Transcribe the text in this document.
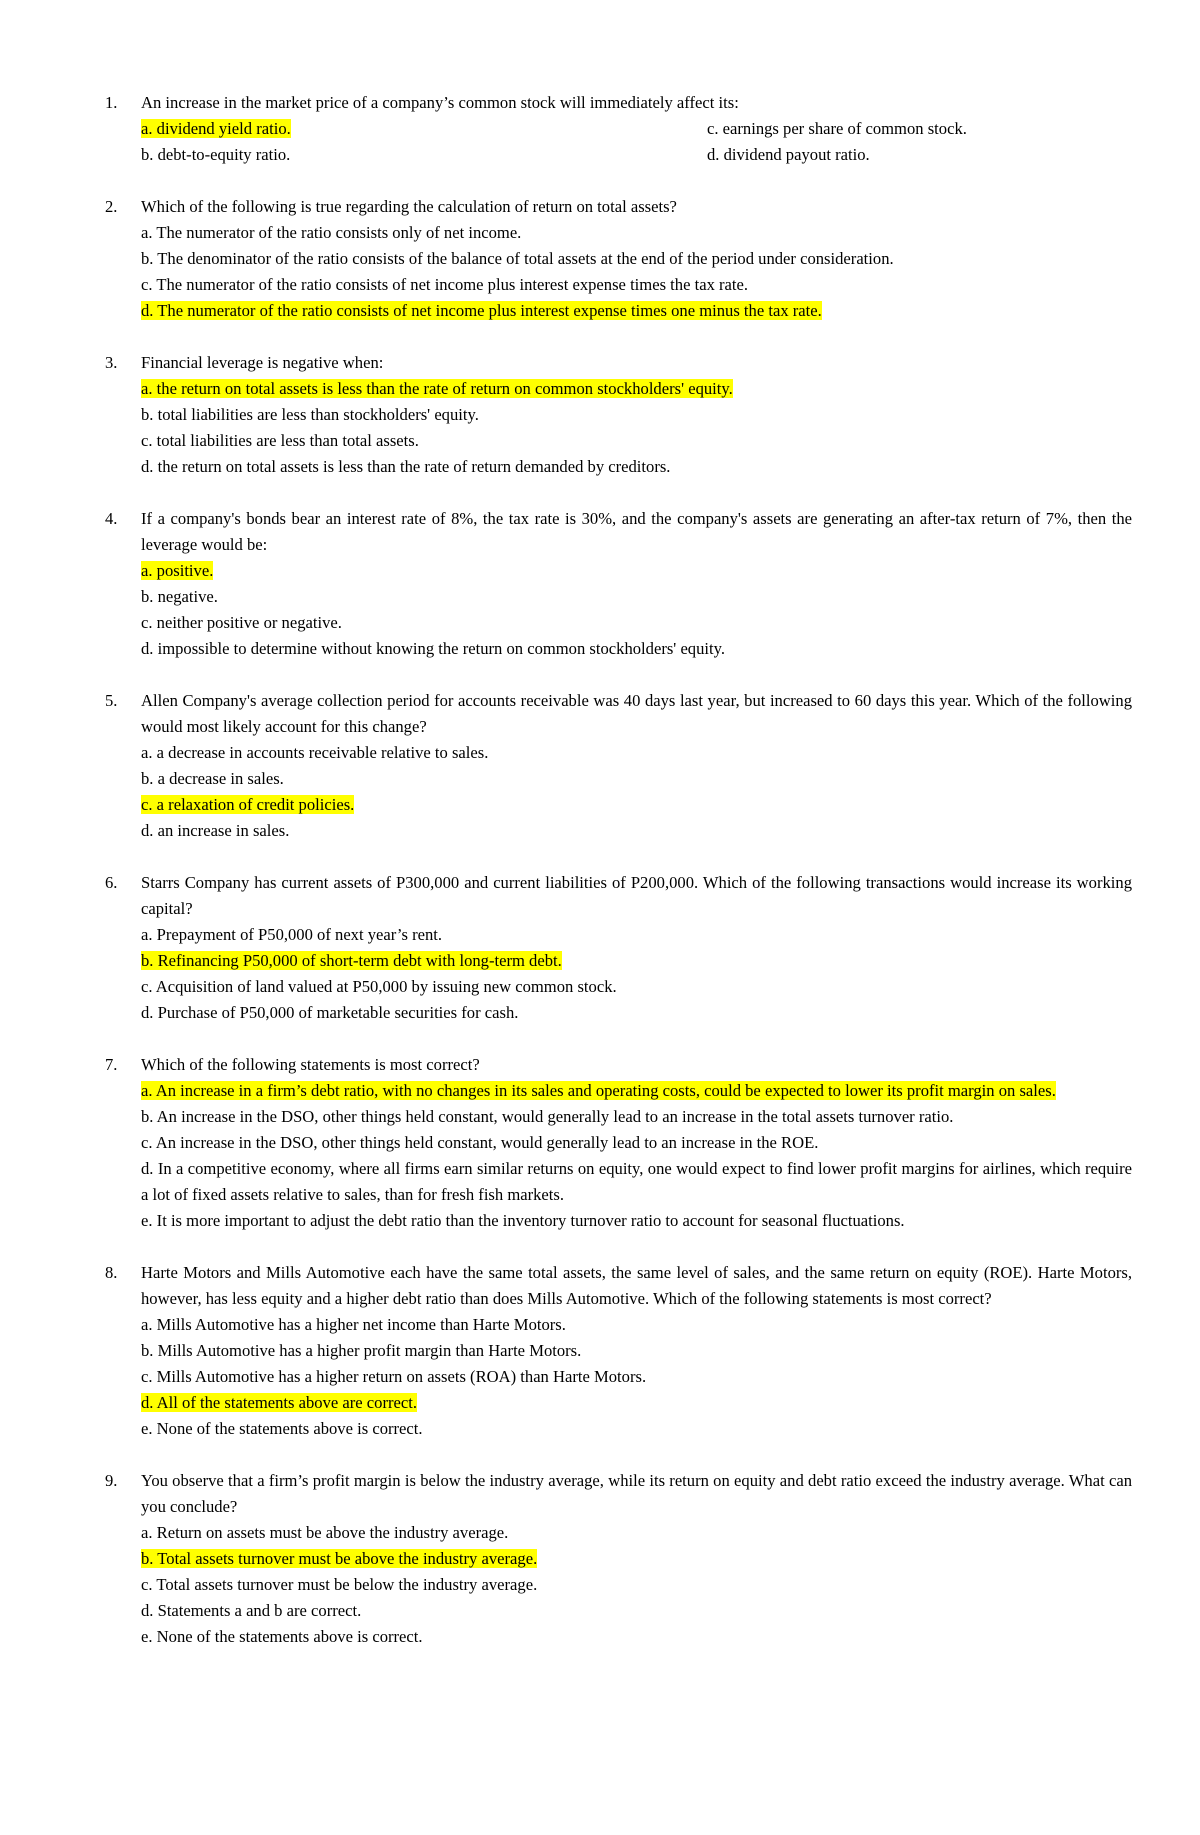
1. An increase in the market price of a company’s common stock will immediately affect its:
a. dividend yield ratio.	c. earnings per share of common stock.
b. debt-to-equity ratio.	d. dividend payout ratio.
2. Which of the following is true regarding the calculation of return on total assets?
a. The numerator of the ratio consists only of net income.
b. The denominator of the ratio consists of the balance of total assets at the end of the period under consideration.
c. The numerator of the ratio consists of net income plus interest expense times the tax rate.
d. The numerator of the ratio consists of net income plus interest expense times one minus the tax rate.
3. Financial leverage is negative when:
a. the return on total assets is less than the rate of return on common stockholders' equity.
b. total liabilities are less than stockholders' equity.
c. total liabilities are less than total assets.
d. the return on total assets is less than the rate of return demanded by creditors.
4. If a company's bonds bear an interest rate of 8%, the tax rate is 30%, and the company's assets are generating an after-tax return of 7%, then the leverage would be:
a. positive.
b. negative.
c. neither positive or negative.
d. impossible to determine without knowing the return on common stockholders' equity.
5. Allen Company's average collection period for accounts receivable was 40 days last year, but increased to 60 days this year. Which of the following would most likely account for this change?
a. a decrease in accounts receivable relative to sales.
b. a decrease in sales.
c. a relaxation of credit policies.
d. an increase in sales.
6. Starrs Company has current assets of P300,000 and current liabilities of P200,000. Which of the following transactions would increase its working capital?
a. Prepayment of P50,000 of next year’s rent.
b. Refinancing P50,000 of short-term debt with long-term debt.
c. Acquisition of land valued at P50,000 by issuing new common stock.
d. Purchase of P50,000 of marketable securities for cash.
7. Which of the following statements is most correct?
a. An increase in a firm’s debt ratio, with no changes in its sales and operating costs, could be expected to lower its profit margin on sales.
b. An increase in the DSO, other things held constant, would generally lead to an increase in the total assets turnover ratio.
c. An increase in the DSO, other things held constant, would generally lead to an increase in the ROE.
d. In a competitive economy, where all firms earn similar returns on equity, one would expect to find lower profit margins for airlines, which require a lot of fixed assets relative to sales, than for fresh fish markets.
e. It is more important to adjust the debt ratio than the inventory turnover ratio to account for seasonal fluctuations.
8. Harte Motors and Mills Automotive each have the same total assets, the same level of sales, and the same return on equity (ROE). Harte Motors, however, has less equity and a higher debt ratio than does Mills Automotive. Which of the following statements is most correct?
a. Mills Automotive has a higher net income than Harte Motors.
b. Mills Automotive has a higher profit margin than Harte Motors.
c. Mills Automotive has a higher return on assets (ROA) than Harte Motors.
d. All of the statements above are correct.
e. None of the statements above is correct.
9. You observe that a firm’s profit margin is below the industry average, while its return on equity and debt ratio exceed the industry average. What can you conclude?
a. Return on assets must be above the industry average.
b. Total assets turnover must be above the industry average.
c. Total assets turnover must be below the industry average.
d. Statements a and b are correct.
e. None of the statements above is correct.
